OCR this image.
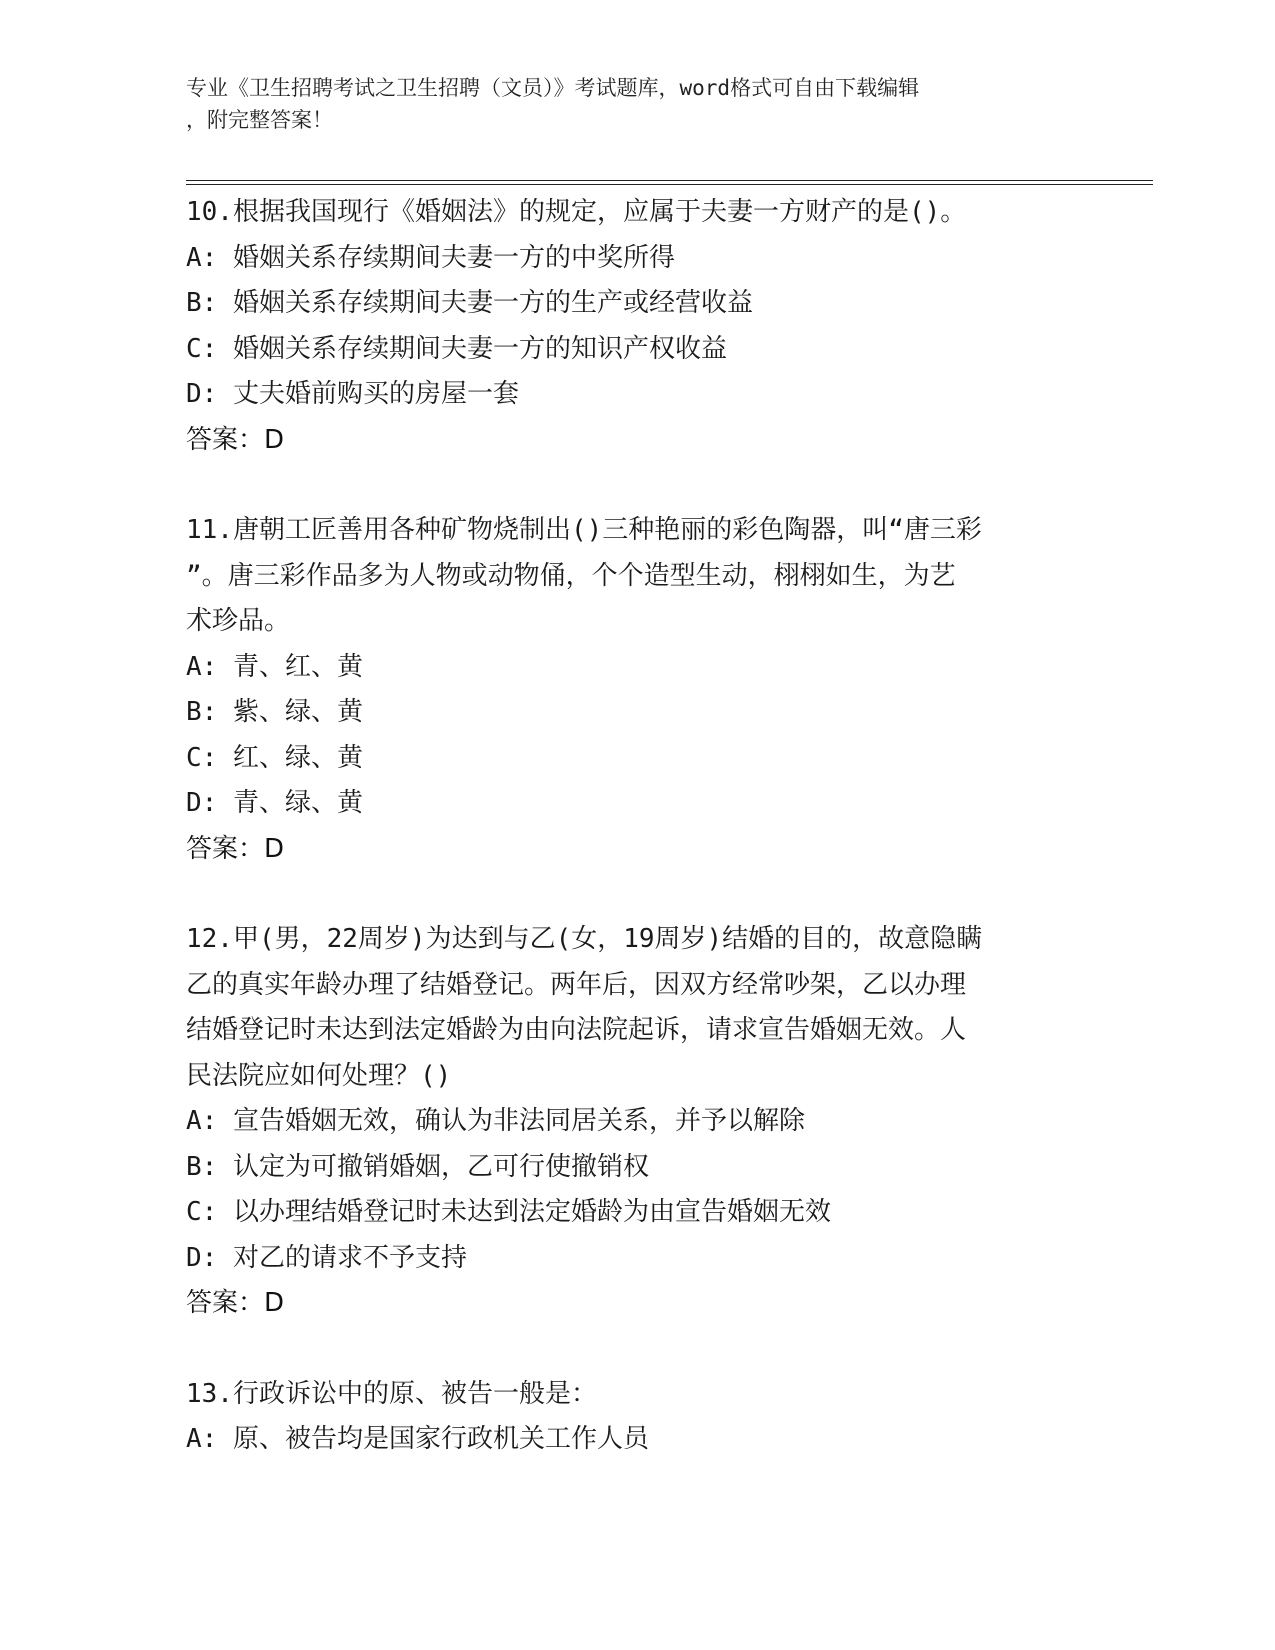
专业《卫生招聘考试之卫生招聘（文员）》考试题库，word格式可自由下载编辑
，附完整答案！
10.根据我国现行《婚姻法》的规定，应属于夫妻一方财产的是()。
A: 婚姻关系存续期间夫妻一方的中奖所得
B: 婚姻关系存续期间夫妻一方的生产或经营收益
C: 婚姻关系存续期间夫妻一方的知识产权收益
D: 丈夫婚前购买的房屋一套
答案：D
11.唐朝工匠善用各种矿物烧制出()三种艳丽的彩色陶器，叫“唐三彩
”。唐三彩作品多为人物或动物俑，个个造型生动，栩栩如生，为艺
术珍品。
A: 青、红、黄
B: 紫、绿、黄
C: 红、绿、黄
D: 青、绿、黄
答案：D
12.甲(男，22周岁)为达到与乙(女，19周岁)结婚的目的，故意隐瞒
乙的真实年龄办理了结婚登记。两年后，因双方经常吵架，乙以办理
结婚登记时未达到法定婚龄为由向法院起诉，请求宣告婚姻无效。人
民法院应如何处理？()
A: 宣告婚姻无效，确认为非法同居关系，并予以解除
B: 认定为可撤销婚姻，乙可行使撤销权
C: 以办理结婚登记时未达到法定婚龄为由宣告婚姻无效
D: 对乙的请求不予支持
答案：D
13.行政诉讼中的原、被告一般是：
A: 原、被告均是国家行政机关工作人员
